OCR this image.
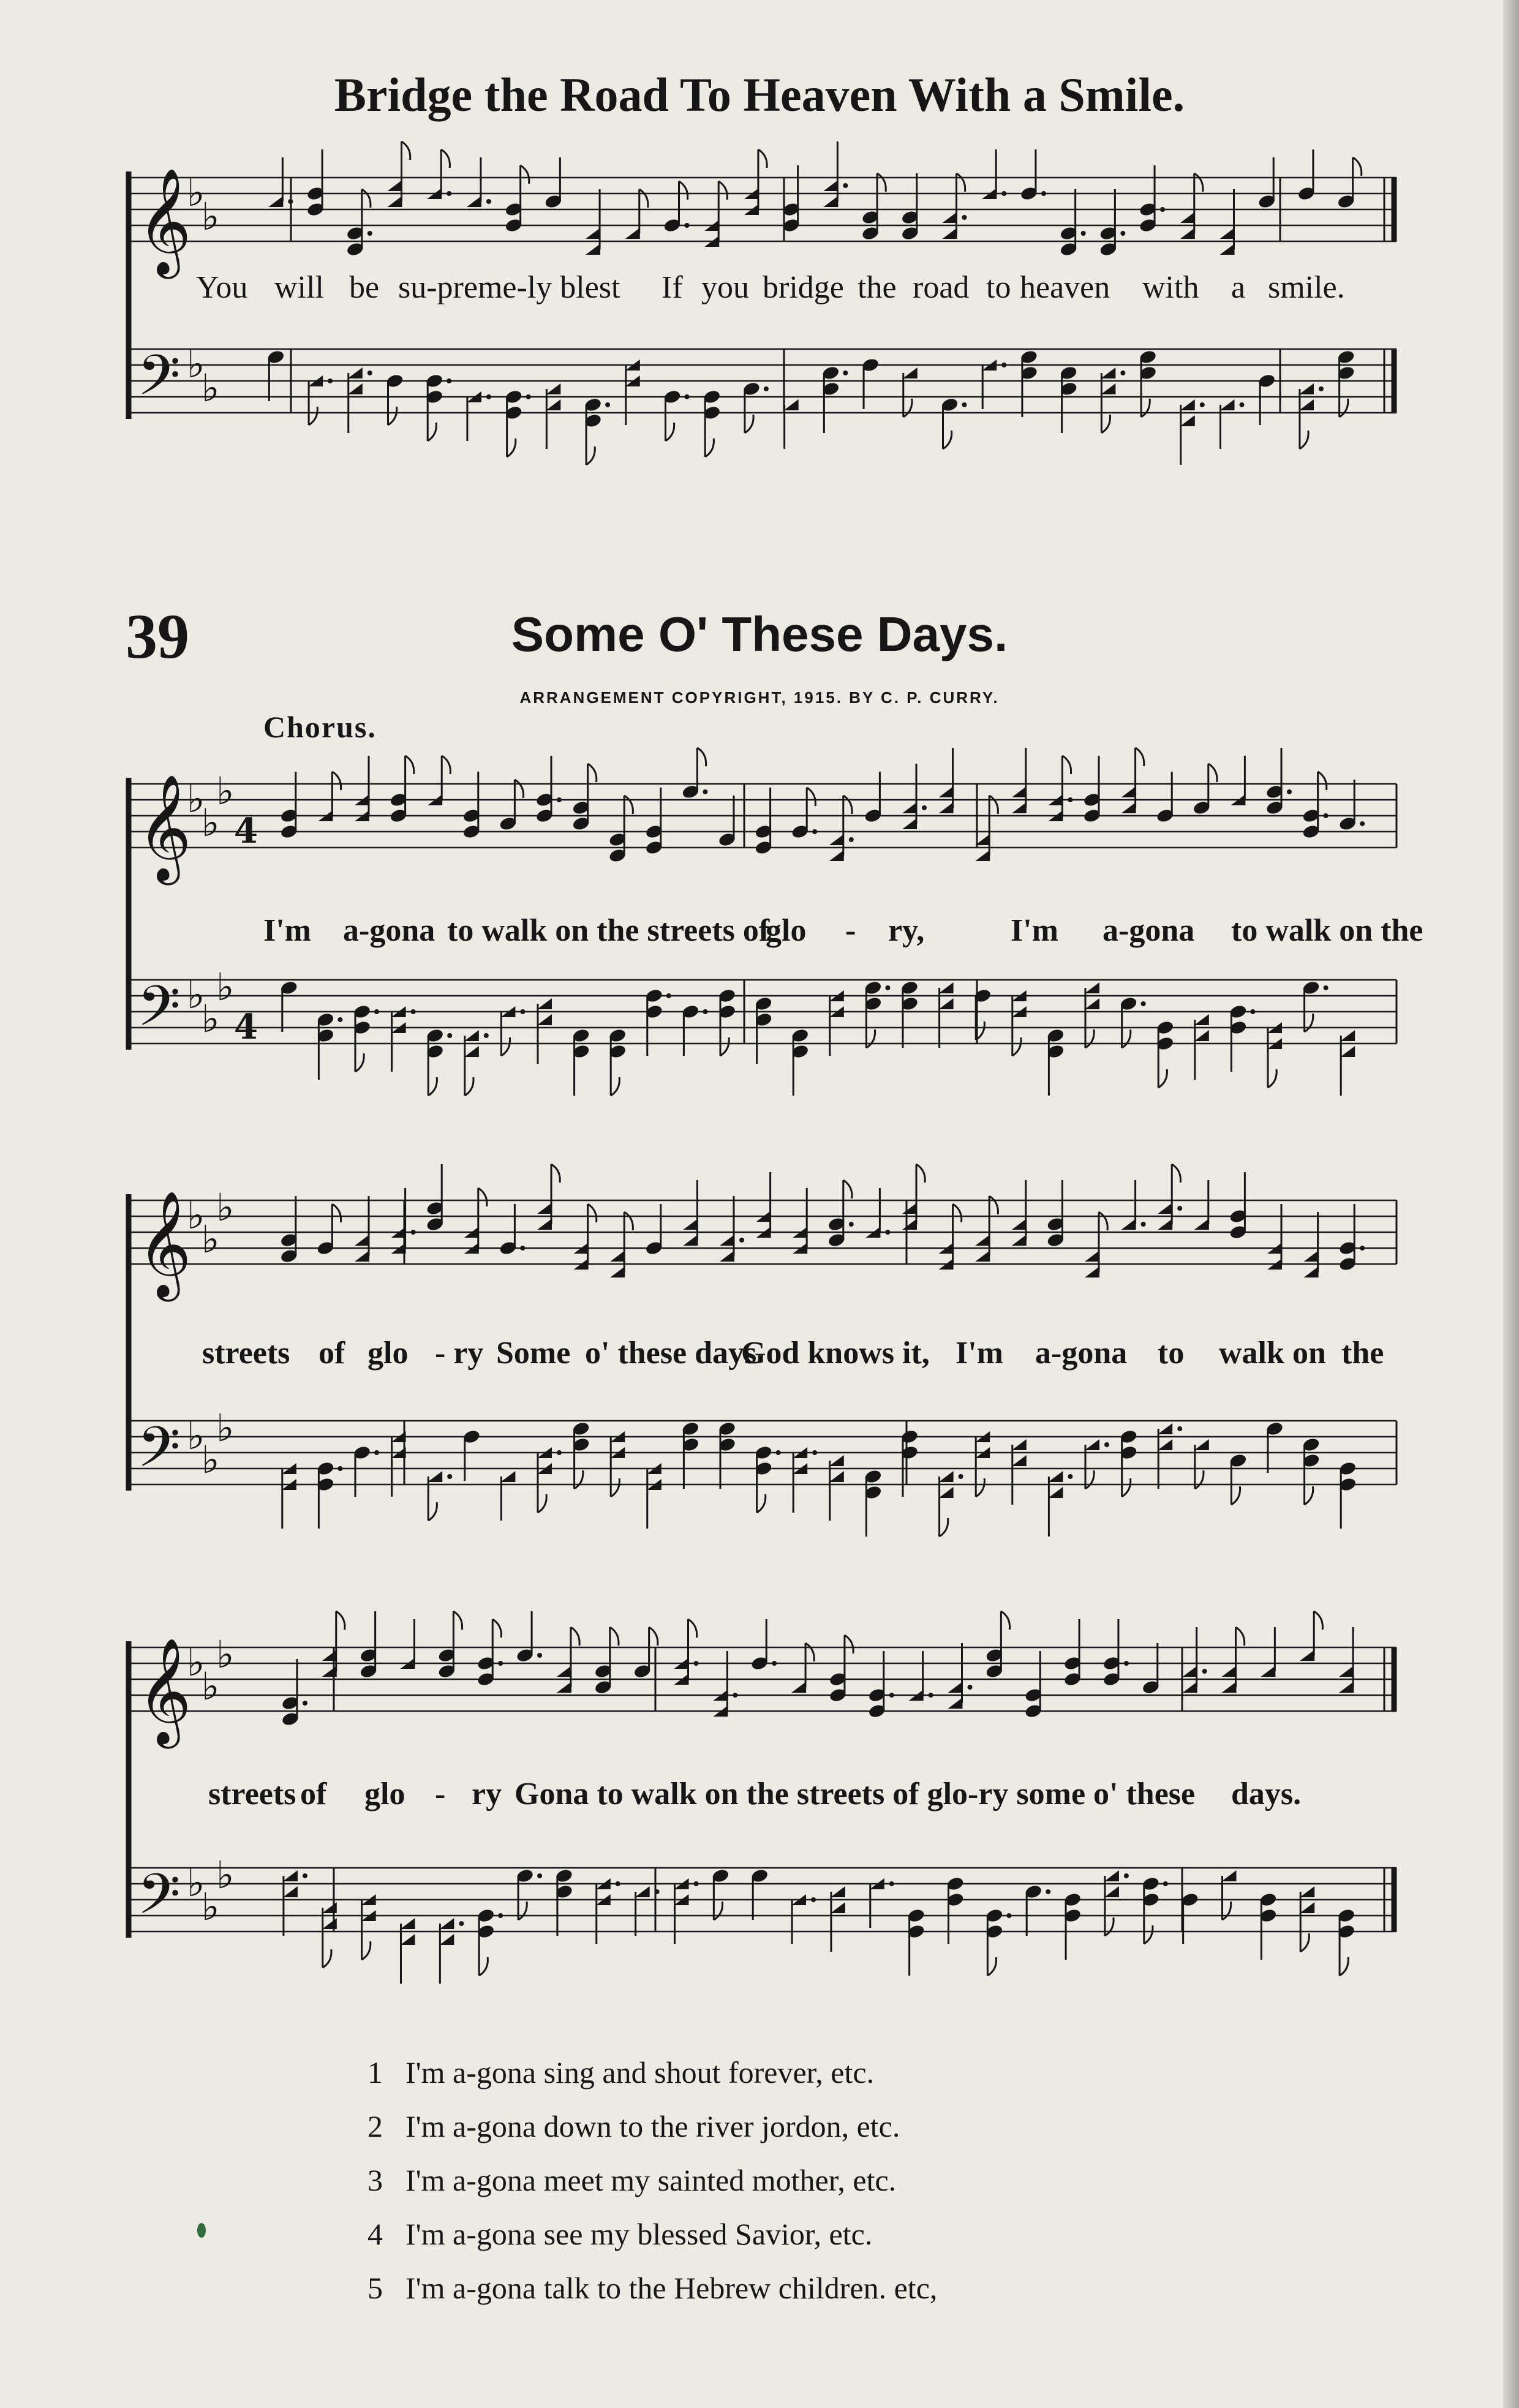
Bridge the Road To Heaven With a Smile.
𝄞
♭
♭
𝄢 ♭
♭
You will be su-preme-ly blest If you bridge the road to heaven with a smile.
39	Some O' These Days.
ARRANGEMENT COPYRIGHT, 1915. BY C. P. CURRY.
Chorus.
𝄞
♭
♭
♭
4
𝄢 ♭
♭
♭
4
I'm a-gona to walk on the streets of
glo - ry,	I'm a-gona to walk on the
𝄞
♭
♭
♭
𝄢 ♭
♭
♭
streets of glo - ry Some o' these days
God knows it, I'm a-gona to walk on the
𝄞
♭
♭
♭
𝄢 ♭
♭
♭
streets of glo - ry Gona to walk on the streets of glo-ry some o' these days.
1 I'm a-gona sing and shout forever, etc.
2 I'm a-gona down to the river jordon, etc.
3 I'm a-gona meet my sainted mother, etc.
4 I'm a-gona see my blessed Savior, etc.
5 I'm a-gona talk to the Hebrew children. etc,
